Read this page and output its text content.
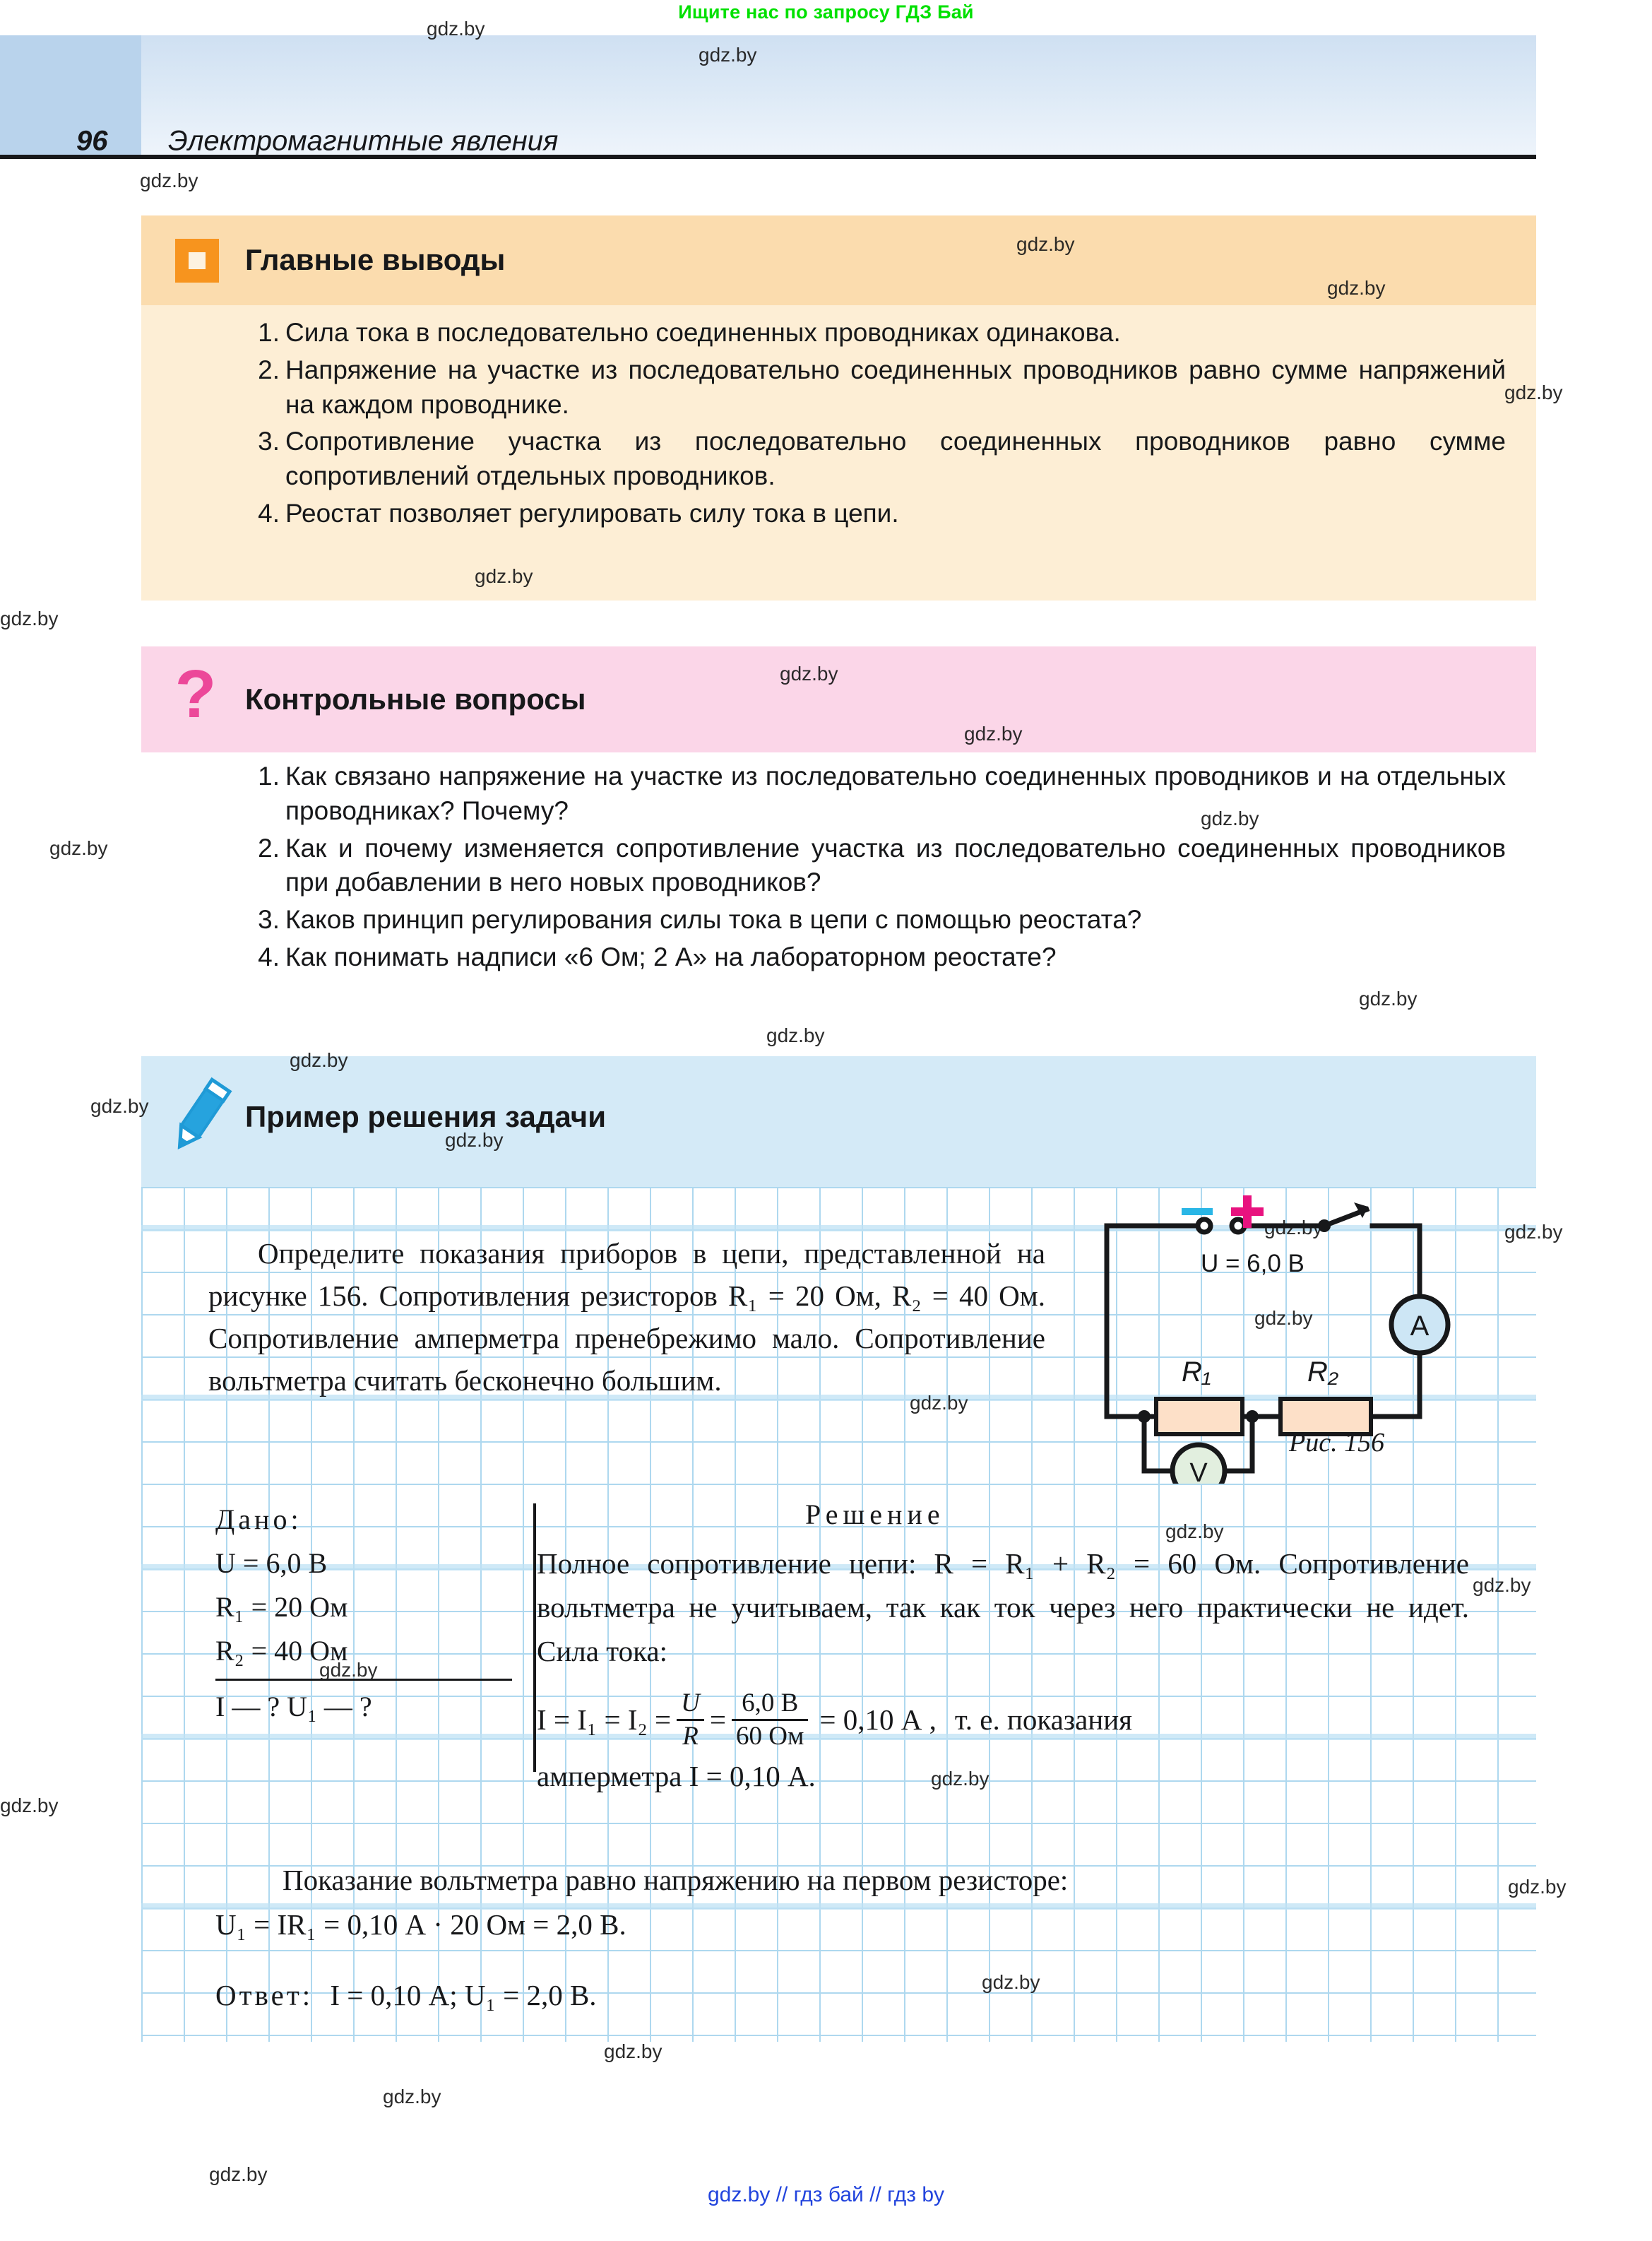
Ищите нас по запросу ГДЗ Бай
96 Электромагнитные явления
Главные выводы
1. Сила тока в последовательно соединенных проводниках одинакова.
2. Напряжение на участке из последовательно соединенных проводников равно сумме напряжений на каждом проводнике.
3. Сопротивление участка из последовательно соединенных проводников равно сумме сопротивлений отдельных проводников.
4. Реостат позволяет регулировать силу тока в цепи.
? Контрольные вопросы
1. Как связано напряжение на участке из последовательно соединенных проводников и на отдельных проводниках? Почему?
2. Как и почему изменяется сопротивление участка из последовательно соединенных проводников при добавлении в него новых проводников?
3. Каков принцип регулирования силы тока в цепи с помощью реостата?
4. Как понимать надписи «6 Ом; 2 А» на лабораторном реостате?
Пример решения задачи
Определите показания приборов в цепи, представленной на рисунке 156. Сопротивления резисторов R₁ = 20 Ом, R₂ = 40 Ом. Сопротивление амперметра пренебрежимо мало. Сопротивление вольтметра считать бесконечно большим.
U = 6,0 В
A
V
R₁	R₂
Рис. 156
Дано:
U = 6,0 В
R₁ = 20 Ом
R₂ = 40 Ом
I — ? U₁ — ?
Решение
Полное сопротивление цепи: R = R₁ + R₂ = 60 Ом. Сопротивление вольтметра не учитываем, так как ток через него практически не идет. Сила тока:
$I = I_1 = I_2 = \frac{U}{R} = \frac{6,0 В}{60 Ом} = 0,10$ А , т. е. показания
амперметра I = 0,10 А.
Показание вольтметра равно напряжению на первом резисторе:
U₁ = IR₁ = 0,10 А · 20 Ом = 2,0 В.
Ответ: I = 0,10 А; U₁ = 2,0 В.
gdz.by // гдз бай // гдз by
gdz.by
gdz.by
gdz.by
gdz.by
gdz.by
gdz.by
gdz.by
gdz.by
gdz.by
gdz.by
gdz.by
gdz.by
gdz.by
gdz.by
gdz.by
gdz.by
gdz.by
gdz.by	gdz.by
gdz.by
gdz.by
gdz.by
gdz.by
gdz.by
gdz.by
gdz.by
gdz.by
gdz.by
gdz.by
gdz.by
gdz.by
